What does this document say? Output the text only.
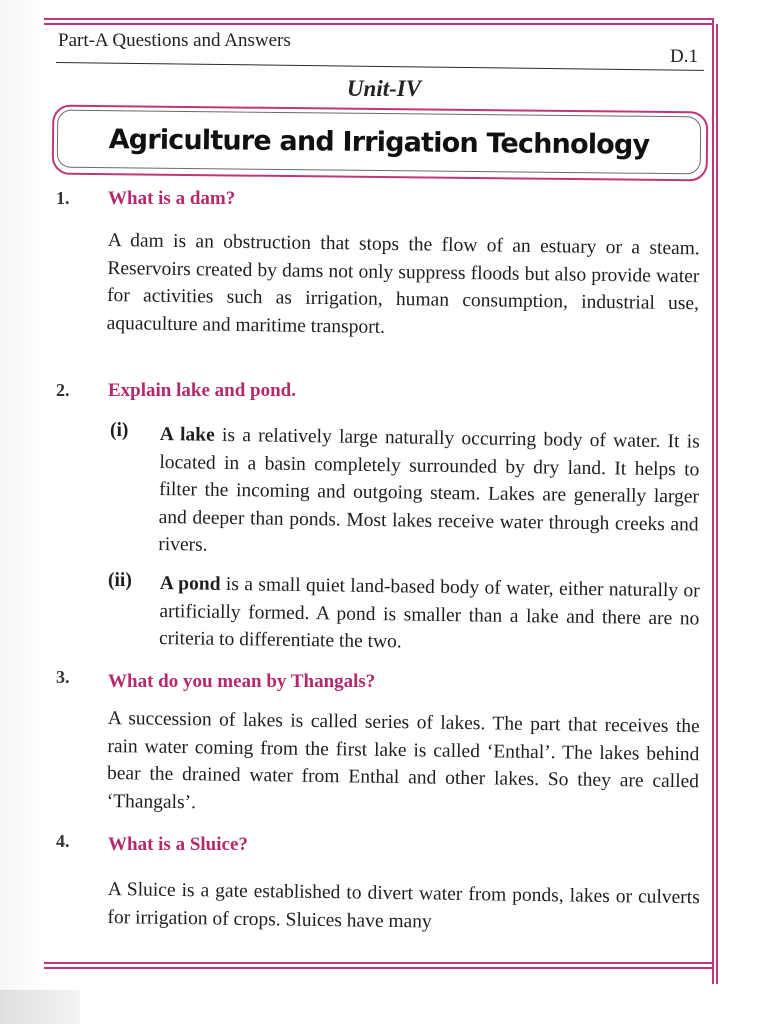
Part-A Questions and Answers
D.1
Unit-IV
Agriculture and Irrigation Technology
1. What is a dam?
A dam is an obstruction that stops the flow of an estuary or a steam. Reservoirs created by dams not only suppress floods but also provide water for activities such as irrigation, human consumption, industrial use, aquaculture and maritime transport.
2. Explain lake and pond.
(i) A lake is a relatively large naturally occurring body of water. It is located in a basin completely surrounded by dry land. It helps to filter the incoming and outgoing steam. Lakes are generally larger and deeper than ponds. Most lakes receive water through creeks and rivers.
(ii) A pond is a small quiet land-based body of water, either naturally or artificially formed. A pond is smaller than a lake and there are no criteria to differentiate the two.
3. What do you mean by Thangals?
A succession of lakes is called series of lakes. The part that receives the rain water coming from the first lake is called ‘Enthal’. The lakes behind bear the drained water from Enthal and other lakes. So they are called ‘Thangals’.
4. What is a Sluice?
A Sluice is a gate established to divert water from ponds, lakes or culverts for irrigation of crops. Sluices have many
